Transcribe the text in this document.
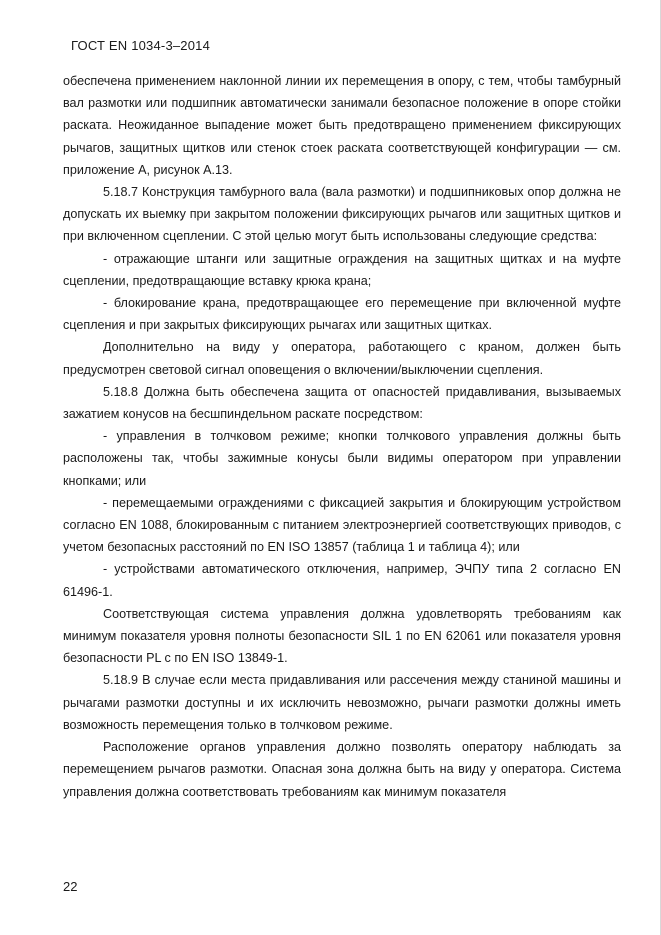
ГОСТ EN 1034-3–2014

обеспечена применением наклонной линии их перемещения в опору, с тем, чтобы тамбурный вал размотки или подшипник автоматически занимали безопасное положение в опоре стойки раската. Неожиданное выпадение может быть предотвращено применением фиксирующих рычагов, защитных щитков или стенок стоек раската соответствующей конфигурации — см. приложение А, рисунок А.13.

5.18.7 Конструкция тамбурного вала (вала размотки) и подшипниковых опор должна не допускать их выемку при закрытом положении фиксирующих рычагов или защитных щитков и при включенном сцеплении. С этой целью могут быть использованы следующие средства:

- отражающие штанги или защитные ограждения на защитных щитках и на муфте сцеплении, предотвращающие вставку крюка крана;

- блокирование крана, предотвращающее его перемещение при включенной муфте сцепления и при закрытых фиксирующих рычагах или защитных щитках.

Дополнительно на виду у оператора, работающего с краном, должен быть предусмотрен световой сигнал оповещения о включении/выключении сцепления.

5.18.8 Должна быть обеспечена защита от опасностей придавливания, вызываемых зажатием конусов на бесшпиндельном раскате посредством:

- управления в толчковом режиме; кнопки толчкового управления должны быть расположены так, чтобы зажимные конусы были видимы оператором при управлении кнопками; или

- перемещаемыми ограждениями с фиксацией закрытия и блокирующим устройством согласно EN 1088, блокированным с питанием электроэнергией соответствующих приводов, с учетом безопасных расстояний по EN ISO 13857 (таблица 1 и таблица 4); или

- устройствами автоматического отключения, например, ЭЧПУ типа 2 согласно EN 61496-1.

Соответствующая система управления должна удовлетворять требованиям как минимум показателя уровня полноты безопасности SIL 1 по EN 62061 или показателя уровня безопасности PL с по EN ISO 13849-1.

5.18.9 В случае если места придавливания или рассечения между станиной машины и рычагами размотки доступны и их исключить невозможно, рычаги размотки должны иметь возможность перемещения только в толчковом режиме.

Расположение органов управления должно позволять оператору наблюдать за перемещением рычагов размотки. Опасная зона должна быть на виду у оператора. Система управления должна соответствовать требованиям как минимум показателя

22
